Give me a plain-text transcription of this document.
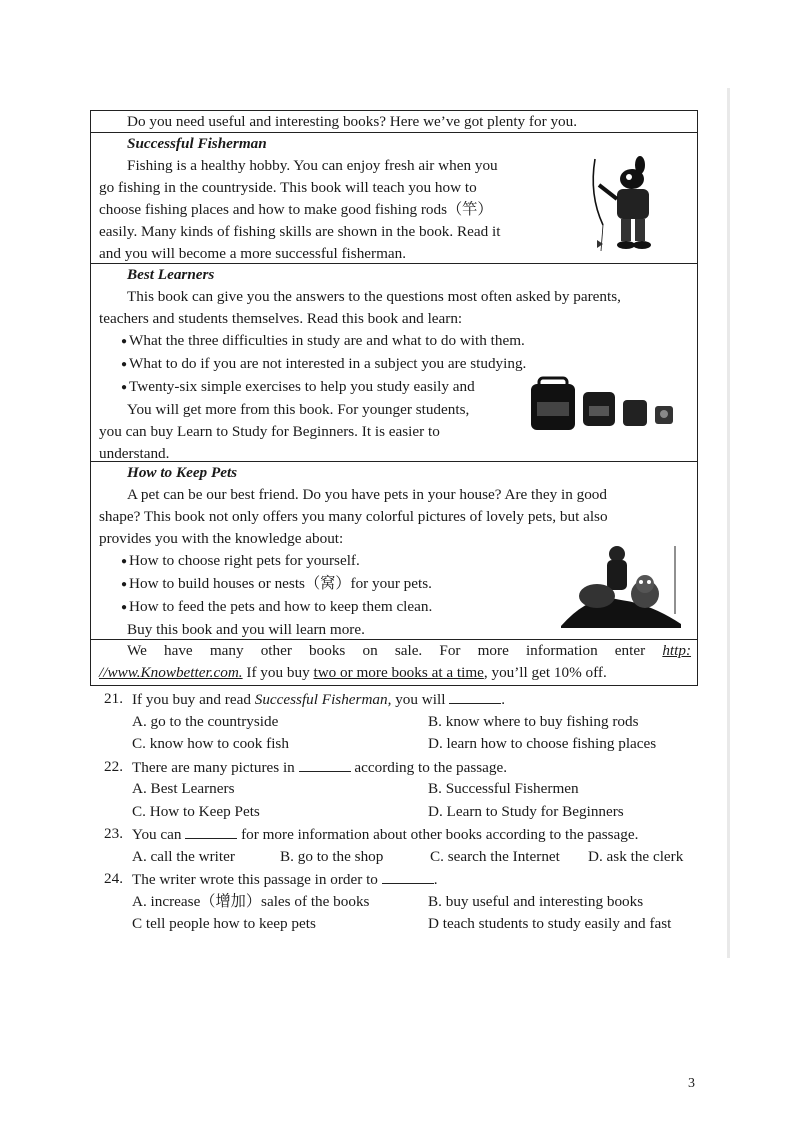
Do you need useful and interesting books? Here we’ve got plenty for you.
Successful Fisherman

Fishing is a healthy hobby. You can enjoy fresh air when you

go fishing in the countryside. This book will teach you how to

choose fishing places and how to make good fishing rods（竿）

easily. Many kinds of fishing skills are shown in the book. Read it

and you will become a more successful fisherman.

Best Learners

This book can give you the answers to the questions most often asked by parents,

teachers and students themselves. Read this book and learn:

● What the three difficulties in study are and what to do with them.
● What to do if you are not interested in a subject you are studying.
● Twenty-six simple exercises to help you study easily and

You will get more from this book. For younger students,

you can buy Learn to Study for Beginners. It is easier to

understand.

How to Keep Pets

A pet can be our best friend. Do you have pets in your house? Are they in good

shape? This book not only offers you many colorful pictures of lovely pets, but also

provides you with the knowledge about:

● How to choose right pets for yourself.
● How to build houses or nests（窝）for your pets.
● How to feed the pets and how to keep them clean.

Buy this book and you will learn more.

We have many other books on sale. For more information enter http:

//www.Knowbetter.com. If you buy two or more books at a time, you’ll get 10% off.

21. If you buy and read Successful Fisherman, you will	.
A. go to the countryside	B. know where to buy fishing rods
C. know how to cook fish	D. learn how to choose fishing places
22. There are many pictures in	according to the passage.
A. Best Learners	B. Successful Fishermen
C. How to Keep Pets	D. Learn to Study for Beginners
23. You can	for more information about other books according to the passage.
A. call the writer	B. go to the shop	C. search the Internet D. ask the clerk
24. The writer wrote this passage in order to	.
A. increase（增加）sales of the books	B. buy useful and interesting books
C tell people how to keep pets	D teach students to study easily and fast
3
